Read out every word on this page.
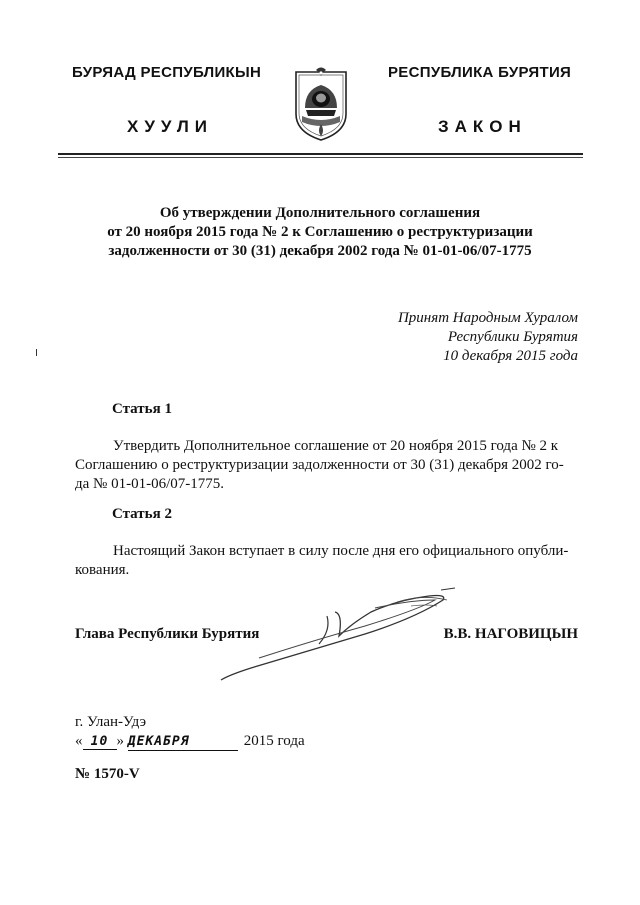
БУРЯАД РЕСПУБЛИКЫН	РЕСПУБЛИКА БУРЯТИЯ
ХУУЛИ	ЗАКОН
Об утверждении Дополнительного соглашения
от 20 ноября 2015 года № 2 к Соглашению о реструктуризации
задолженности от 30 (31) декабря 2002 года № 01-01-06/07-1775
Принят Народным Хуралом
Республики Бурятия
10 декабря 2015 года
Статья 1
Утвердить Дополнительное соглашение от 20 ноября 2015 года № 2 к
Соглашению о реструктуризации задолженности от 30 (31) декабря 2002 го-
да № 01-01-06/07-1775.
Статья 2
Настоящий Закон вступает в силу после дня его официального опубли-
кования.
Глава Республики Бурятия	В.В. НАГОВИЦЫН
г. Улан-Удэ
« 10 » ДЕКАБРЯ	2015 года
№ 1570-V
